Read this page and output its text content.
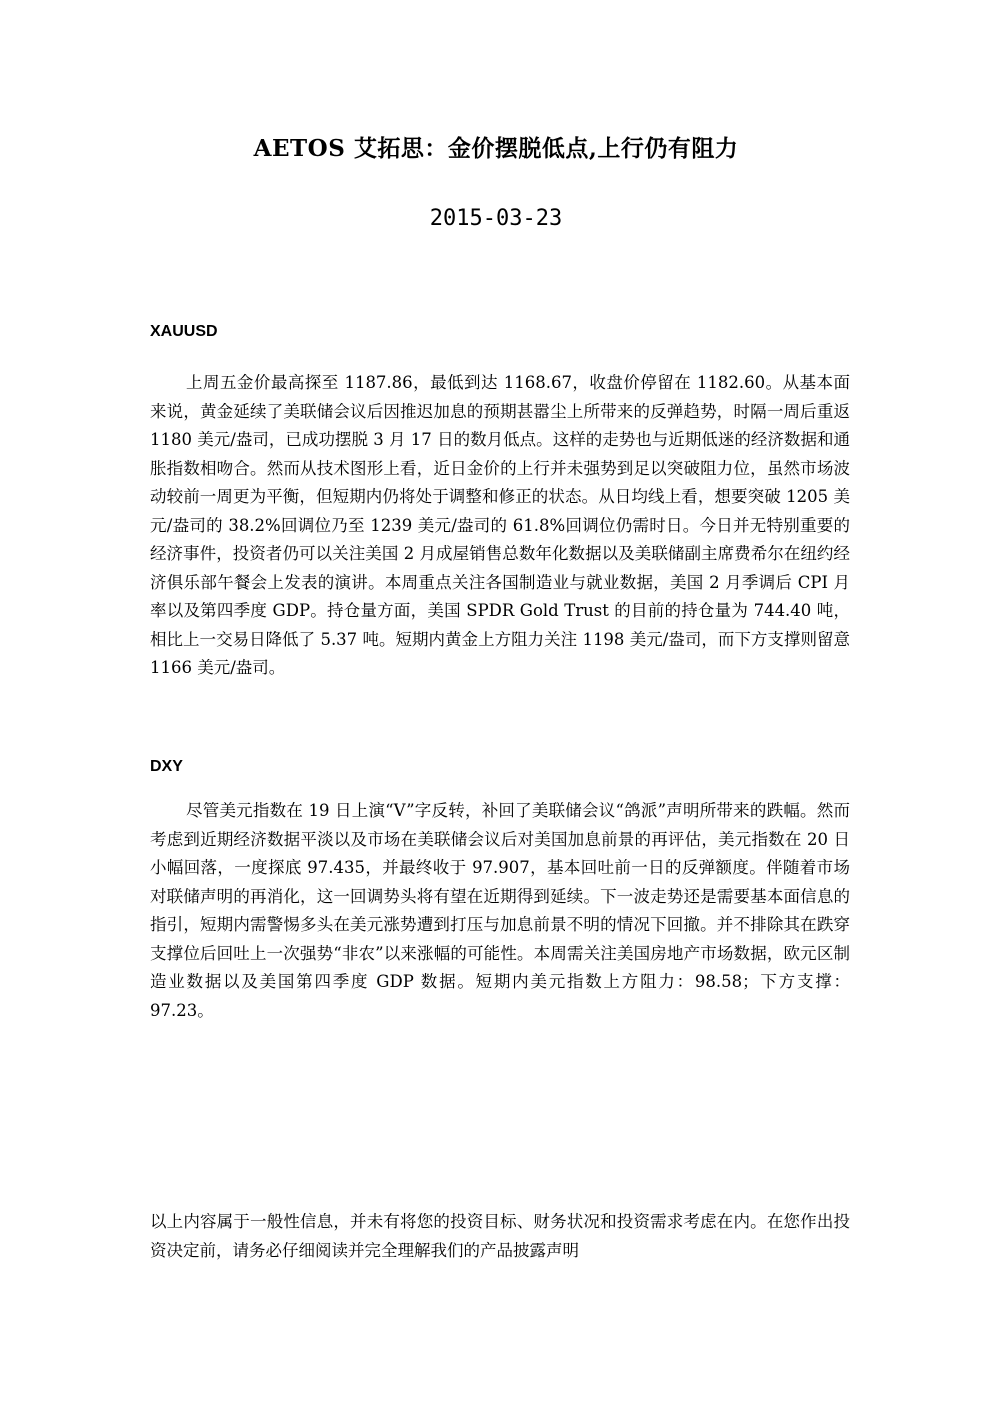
AETOS 艾拓思：金价摆脱低点,上行仍有阻力
2015-03-23
XAUUSD
上周五金价最高探至 1187.86，最低到达 1168.67，收盘价停留在 1182.60。从基本面来说，黄金延续了美联储会议后因推迟加息的预期甚嚣尘上所带来的反弹趋势，时隔一周后重返 1180 美元/盎司，已成功摆脱 3 月 17 日的数月低点。这样的走势也与近期低迷的经济数据和通胀指数相吻合。然而从技术图形上看，近日金价的上行并未强势到足以突破阻力位，虽然市场波动较前一周更为平衡，但短期内仍将处于调整和修正的状态。从日均线上看，想要突破 1205 美元/盎司的 38.2%回调位乃至 1239 美元/盎司的 61.8%回调位仍需时日。今日并无特别重要的经济事件，投资者仍可以关注美国 2 月成屋销售总数年化数据以及美联储副主席费希尔在纽约经济俱乐部午餐会上发表的演讲。本周重点关注各国制造业与就业数据，美国 2 月季调后 CPI 月率以及第四季度 GDP。持仓量方面，美国 SPDR Gold Trust 的目前的持仓量为 744.40 吨，相比上一交易日降低了 5.37 吨。短期内黄金上方阻力关注 1198 美元/盎司，而下方支撑则留意 1166 美元/盎司。
DXY
尽管美元指数在 19 日上演“V”字反转，补回了美联储会议“鸽派”声明所带来的跌幅。然而考虑到近期经济数据平淡以及市场在美联储会议后对美国加息前景的再评估，美元指数在 20 日小幅回落，一度探底 97.435，并最终收于 97.907，基本回吐前一日的反弹额度。伴随着市场对联储声明的再消化，这一回调势头将有望在近期得到延续。下一波走势还是需要基本面信息的指引，短期内需警惕多头在美元涨势遭到打压与加息前景不明的情况下回撤。并不排除其在跌穿支撑位后回吐上一次强势“非农”以来涨幅的可能性。本周需关注美国房地产市场数据，欧元区制造业数据以及美国第四季度 GDP 数据。短期内美元指数上方阻力：98.58；下方支撑：97.23。
以上内容属于一般性信息，并未有将您的投资目标、财务状况和投资需求考虑在内。在您作出投资决定前，请务必仔细阅读并完全理解我们的产品披露声明
